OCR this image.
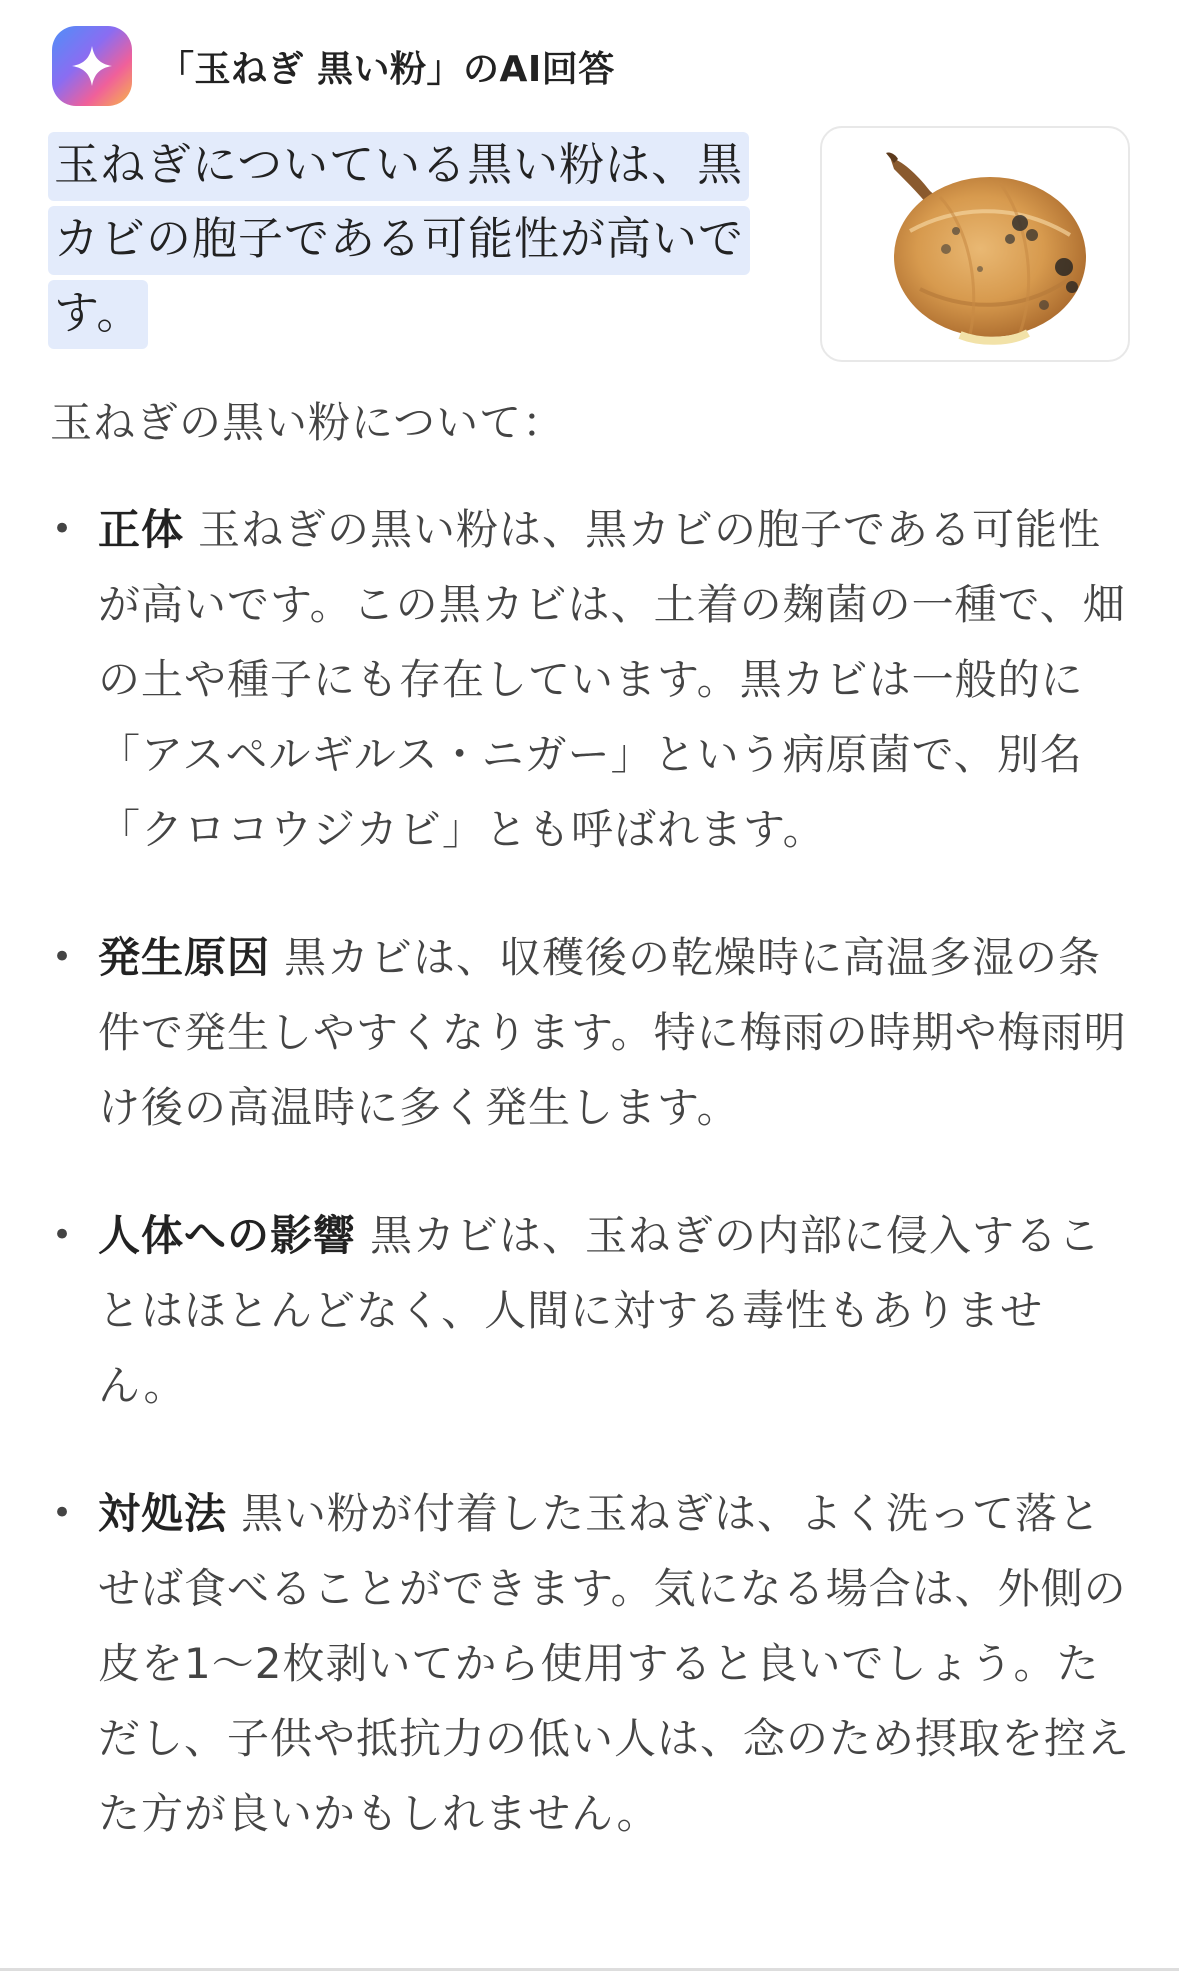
「玉ねぎ 黒い粉」のAI回答
玉ねぎについている黒い粉は、黒カビの胞子である可能性が高いです。
玉ねぎの黒い粉について：
• 正体 玉ねぎの黒い粉は、黒カビの胞子である可能性が高いです。この黒カビは、土着の麹菌の一種で、畑の土や種子にも存在しています。黒カビは一般的に「アスペルギルス・ニガー」という病原菌で、別名「クロコウジカビ」とも呼ばれます。
• 発生原因 黒カビは、収穫後の乾燥時に高温多湿の条件で発生しやすくなります。特に梅雨の時期や梅雨明け後の高温時に多く発生します。
• 人体への影響 黒カビは、玉ねぎの内部に侵入することはほとんどなく、人間に対する毒性もありません。
• 対処法 黒い粉が付着した玉ねぎは、よく洗って落とせば食べることができます。気になる場合は、外側の皮を1〜2枚剥いてから使用すると良いでしょう。ただし、子供や抵抗力の低い人は、念のため摂取を控えた方が良いかもしれません。
